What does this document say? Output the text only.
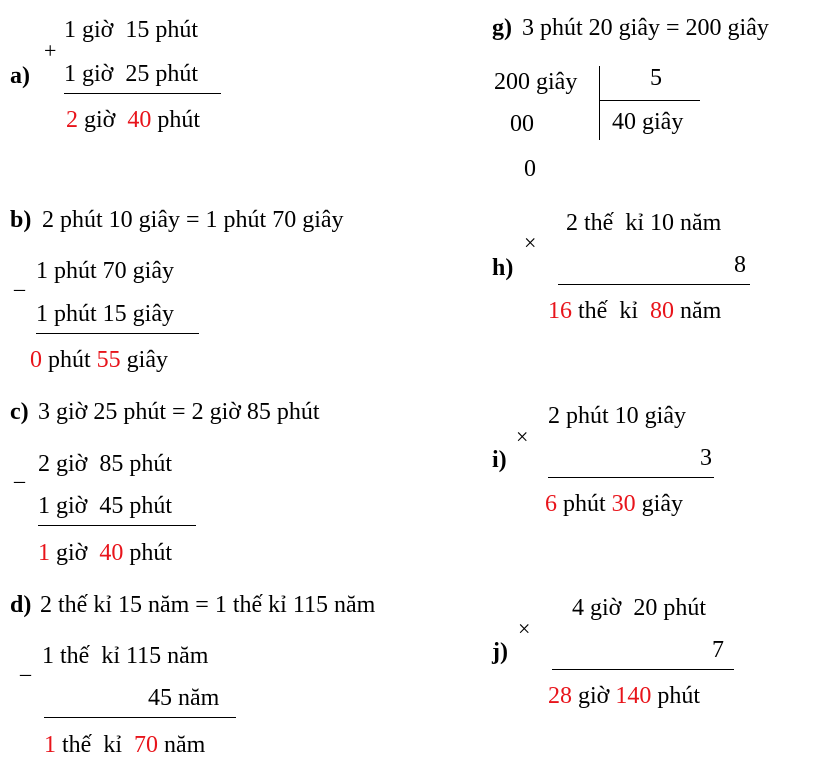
a)
+
1 giờ  15 phút
1 giờ  25 phút
2 giờ  40 phút
b) 2 phút 10 giây = 1 phút 70 giây
_ 1 phút 70 giây
1 phút 15 giây
0 phút 55 giây
c) 3 giờ 25 phút = 2 giờ 85 phút
_ 2 giờ  85 phút
1 giờ  45 phút
1 giờ  40 phút
d) 2 thế kỉ 15 năm = 1 thế kỉ 115 năm
_ 1 thế  kỉ 115 năm
45 năm
1 thế  kỉ  70 năm
g) 3 phút 20 giây = 200 giây
200 giây	5
40 giây
00
0
h)
×
2 thế  kỉ 10 năm
8
16 thế  kỉ  80 năm
i)
×
2 phút 10 giây
3
6 phút 30 giây
j)
×
4 giờ  20 phút
7
28 giờ 140 phút
